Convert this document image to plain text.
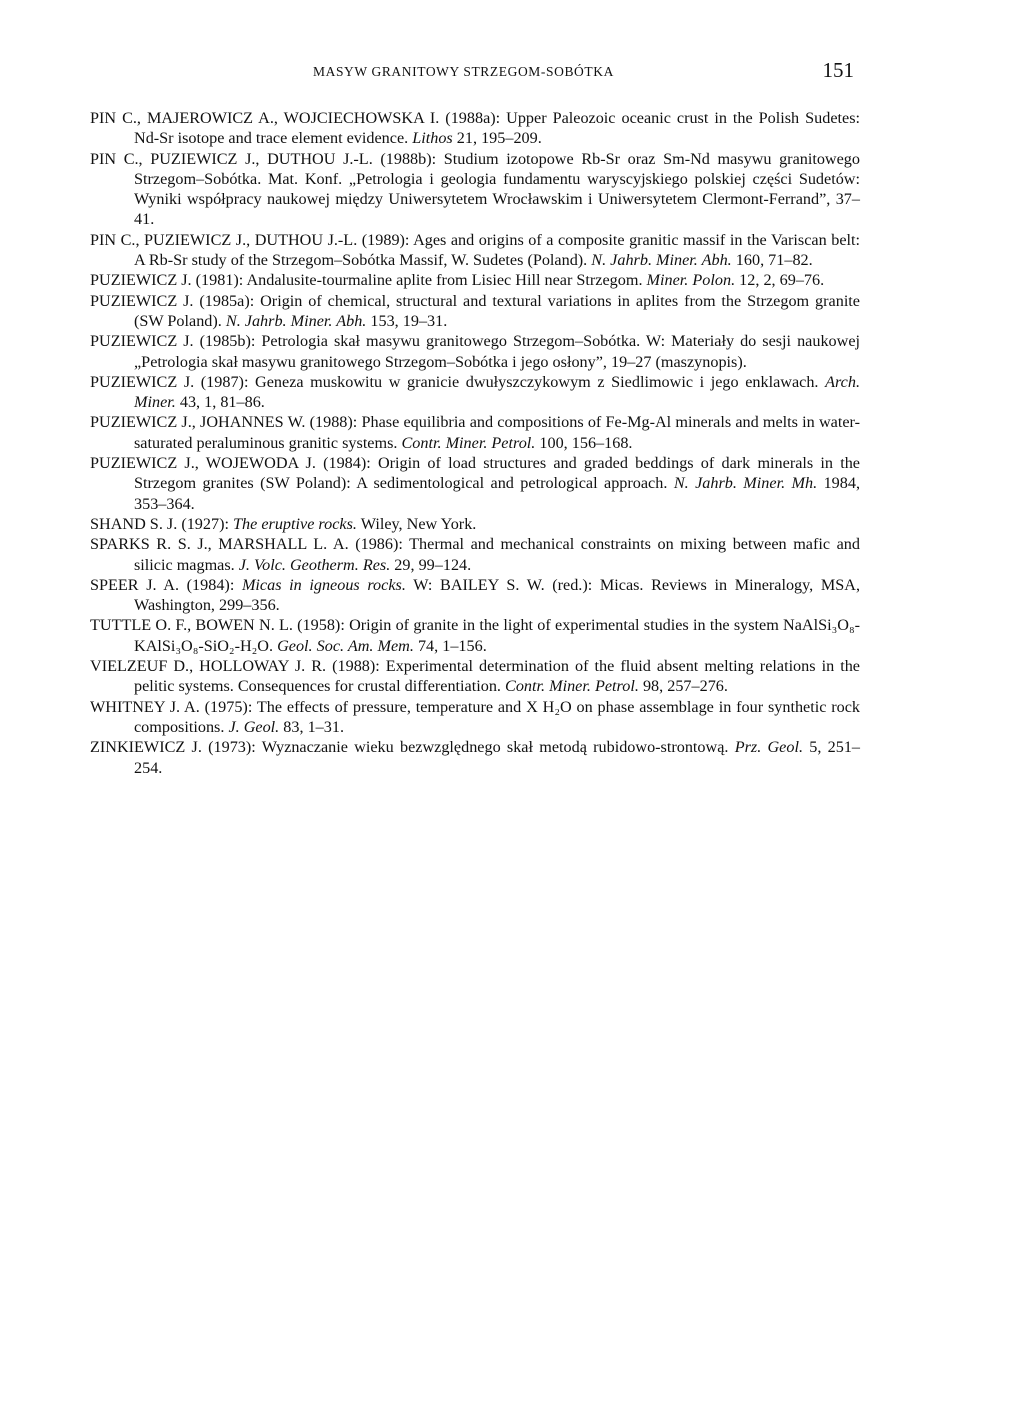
MASYW GRANITOWY STRZEGOM-SOBÓTKA	151
PIN C., MAJEROWICZ A., WOJCIECHOWSKA I. (1988a): Upper Paleozoic oceanic crust in the Polish Sudetes: Nd-Sr isotope and trace element evidence. Lithos 21, 195–209.
PIN C., PUZIEWICZ J., DUTHOU J.-L. (1988b): Studium izotopowe Rb-Sr oraz Sm-Nd masywu granitowego Strzegom–Sobótka. Mat. Konf. „Petrologia i geologia fundamentu waryscyjskiego polskiej części Sudetów: Wyniki współpracy naukowej między Uniwersytetem Wrocławskim i Uniwersytetem Clermont-Ferrand”, 37–41.
PIN C., PUZIEWICZ J., DUTHOU J.-L. (1989): Ages and origins of a composite granitic massif in the Variscan belt: A Rb-Sr study of the Strzegom–Sobótka Massif, W. Sudetes (Poland). N. Jahrb. Miner. Abh. 160, 71–82.
PUZIEWICZ J. (1981): Andalusite-tourmaline aplite from Lisiec Hill near Strzegom. Miner. Polon. 12, 2, 69–76.
PUZIEWICZ J. (1985a): Origin of chemical, structural and textural variations in aplites from the Strzegom granite (SW Poland). N. Jahrb. Miner. Abh. 153, 19–31.
PUZIEWICZ J. (1985b): Petrologia skał masywu granitowego Strzegom–Sobótka. W: Materiały do sesji naukowej „Petrologia skał masywu granitowego Strzegom–Sobótka i jego osłony”, 19–27 (maszynopis).
PUZIEWICZ J. (1987): Geneza muskowitu w granicie dwułyszczykowym z Siedlimowic i jego enklawach. Arch. Miner. 43, 1, 81–86.
PUZIEWICZ J., JOHANNES W. (1988): Phase equilibria and compositions of Fe-Mg-Al minerals and melts in water-saturated peraluminous granitic systems. Contr. Miner. Petrol. 100, 156–168.
PUZIEWICZ J., WOJEWODA J. (1984): Origin of load structures and graded beddings of dark minerals in the Strzegom granites (SW Poland): A sedimentological and petrological approach. N. Jahrb. Miner. Mh. 1984, 353–364.
SHAND S. J. (1927): The eruptive rocks. Wiley, New York.
SPARKS R. S. J., MARSHALL L. A. (1986): Thermal and mechanical constraints on mixing between mafic and silicic magmas. J. Volc. Geotherm. Res. 29, 99–124.
SPEER J. A. (1984): Micas in igneous rocks. W: BAILEY S. W. (red.): Micas. Reviews in Mineralogy, MSA, Washington, 299–356.
TUTTLE O. F., BOWEN N. L. (1958): Origin of granite in the light of experimental studies in the system NaAlSi₃O₈-KAlSi₃O₈-SiO₂-H₂O. Geol. Soc. Am. Mem. 74, 1–156.
VIELZEUF D., HOLLOWAY J. R. (1988): Experimental determination of the fluid absent melting relations in the pelitic systems. Consequences for crustal differentiation. Contr. Miner. Petrol. 98, 257–276.
WHITNEY J. A. (1975): The effects of pressure, temperature and X H₂O on phase assemblage in four synthetic rock compositions. J. Geol. 83, 1–31.
ZINKIEWICZ J. (1973): Wyznaczanie wieku bezwzględnego skał metodą rubidowo-strontową. Prz. Geol. 5, 251–254.
